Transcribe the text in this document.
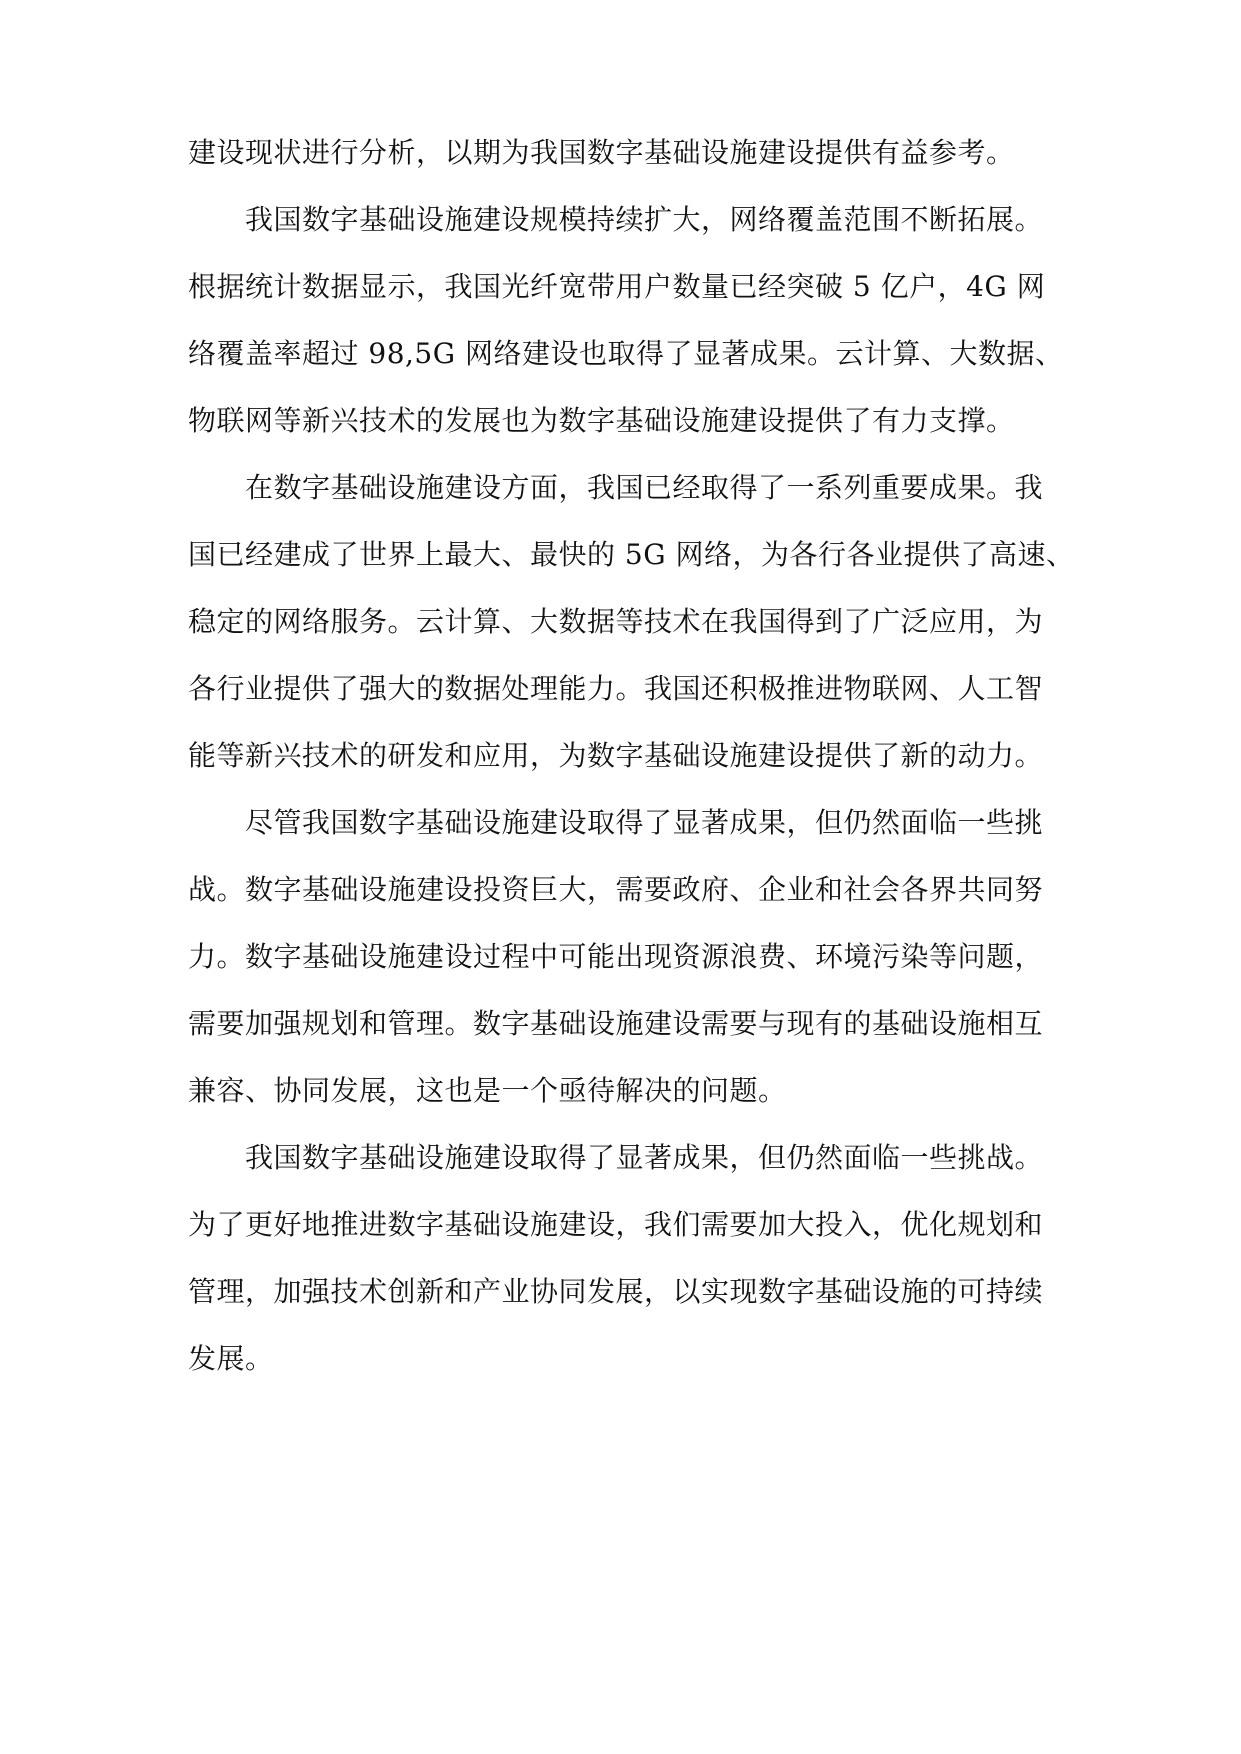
建设现状进行分析，以期为我国数字基础设施建设提供有益参考。
我国数字基础设施建设规模持续扩大，网络覆盖范围不断拓展。
根据统计数据显示，我国光纤宽带用户数量已经突破 5 亿户，4G 网
络覆盖率超过 98,5G 网络建设也取得了显著成果。云计算、大数据、
物联网等新兴技术的发展也为数字基础设施建设提供了有力支撑。
在数字基础设施建设方面，我国已经取得了一系列重要成果。我
国已经建成了世界上最大、最快的 5G 网络，为各行各业提供了高速、
稳定的网络服务。云计算、大数据等技术在我国得到了广泛应用，为
各行业提供了强大的数据处理能力。我国还积极推进物联网、人工智
能等新兴技术的研发和应用，为数字基础设施建设提供了新的动力。
尽管我国数字基础设施建设取得了显著成果，但仍然面临一些挑
战。数字基础设施建设投资巨大，需要政府、企业和社会各界共同努
力。数字基础设施建设过程中可能出现资源浪费、环境污染等问题，
需要加强规划和管理。数字基础设施建设需要与现有的基础设施相互
兼容、协同发展，这也是一个亟待解决的问题。
我国数字基础设施建设取得了显著成果，但仍然面临一些挑战。
为了更好地推进数字基础设施建设，我们需要加大投入，优化规划和
管理，加强技术创新和产业协同发展，以实现数字基础设施的可持续
发展。
